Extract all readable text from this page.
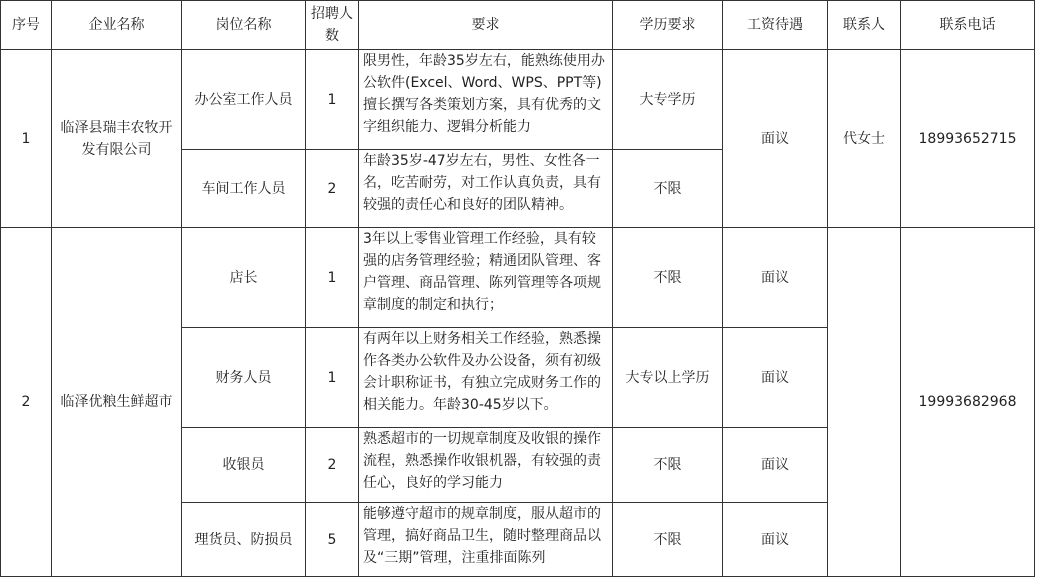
序号	企业名称	岗位名称	招聘人数	要求	学历要求	工资待遇	联系人	联系电话
1	临泽县瑞丰农牧开发有限公司	办公室工作人员	1	限男性，年龄35岁左右，能熟练使用办公软件(Excel、Word、WPS、PPT等)擅长撰写各类策划方案，具有优秀的文字组织能力、逻辑分析能力	大专学历	面议	代女士	18993652715
		车间工作人员	2	年龄35岁-47岁左右，男性、女性各一名，吃苦耐劳，对工作认真负责，具有较强的责任心和良好的团队精神。	不限			
2	临泽优粮生鲜超市	店长	1	3年以上零售业管理工作经验，具有较强的店务管理经验；精通团队管理、客户管理、商品管理、陈列管理等各项规章制度的制定和执行；	不限	面议		19993682968
		财务人员	1	有两年以上财务相关工作经验，熟悉操作各类办公软件及办公设备，须有初级会计职称证书，有独立完成财务工作的相关能力。年龄30-45岁以下。	大专以上学历	面议		
		收银员	2	熟悉超市的一切规章制度及收银的操作流程，熟悉操作收银机器，有较强的责任心，良好的学习能力	不限	面议		
		理货员、防损员	5	能够遵守超市的规章制度，服从超市的管理，搞好商品卫生，随时整理商品以及“三期”管理，注重排面陈列	不限	面议		
